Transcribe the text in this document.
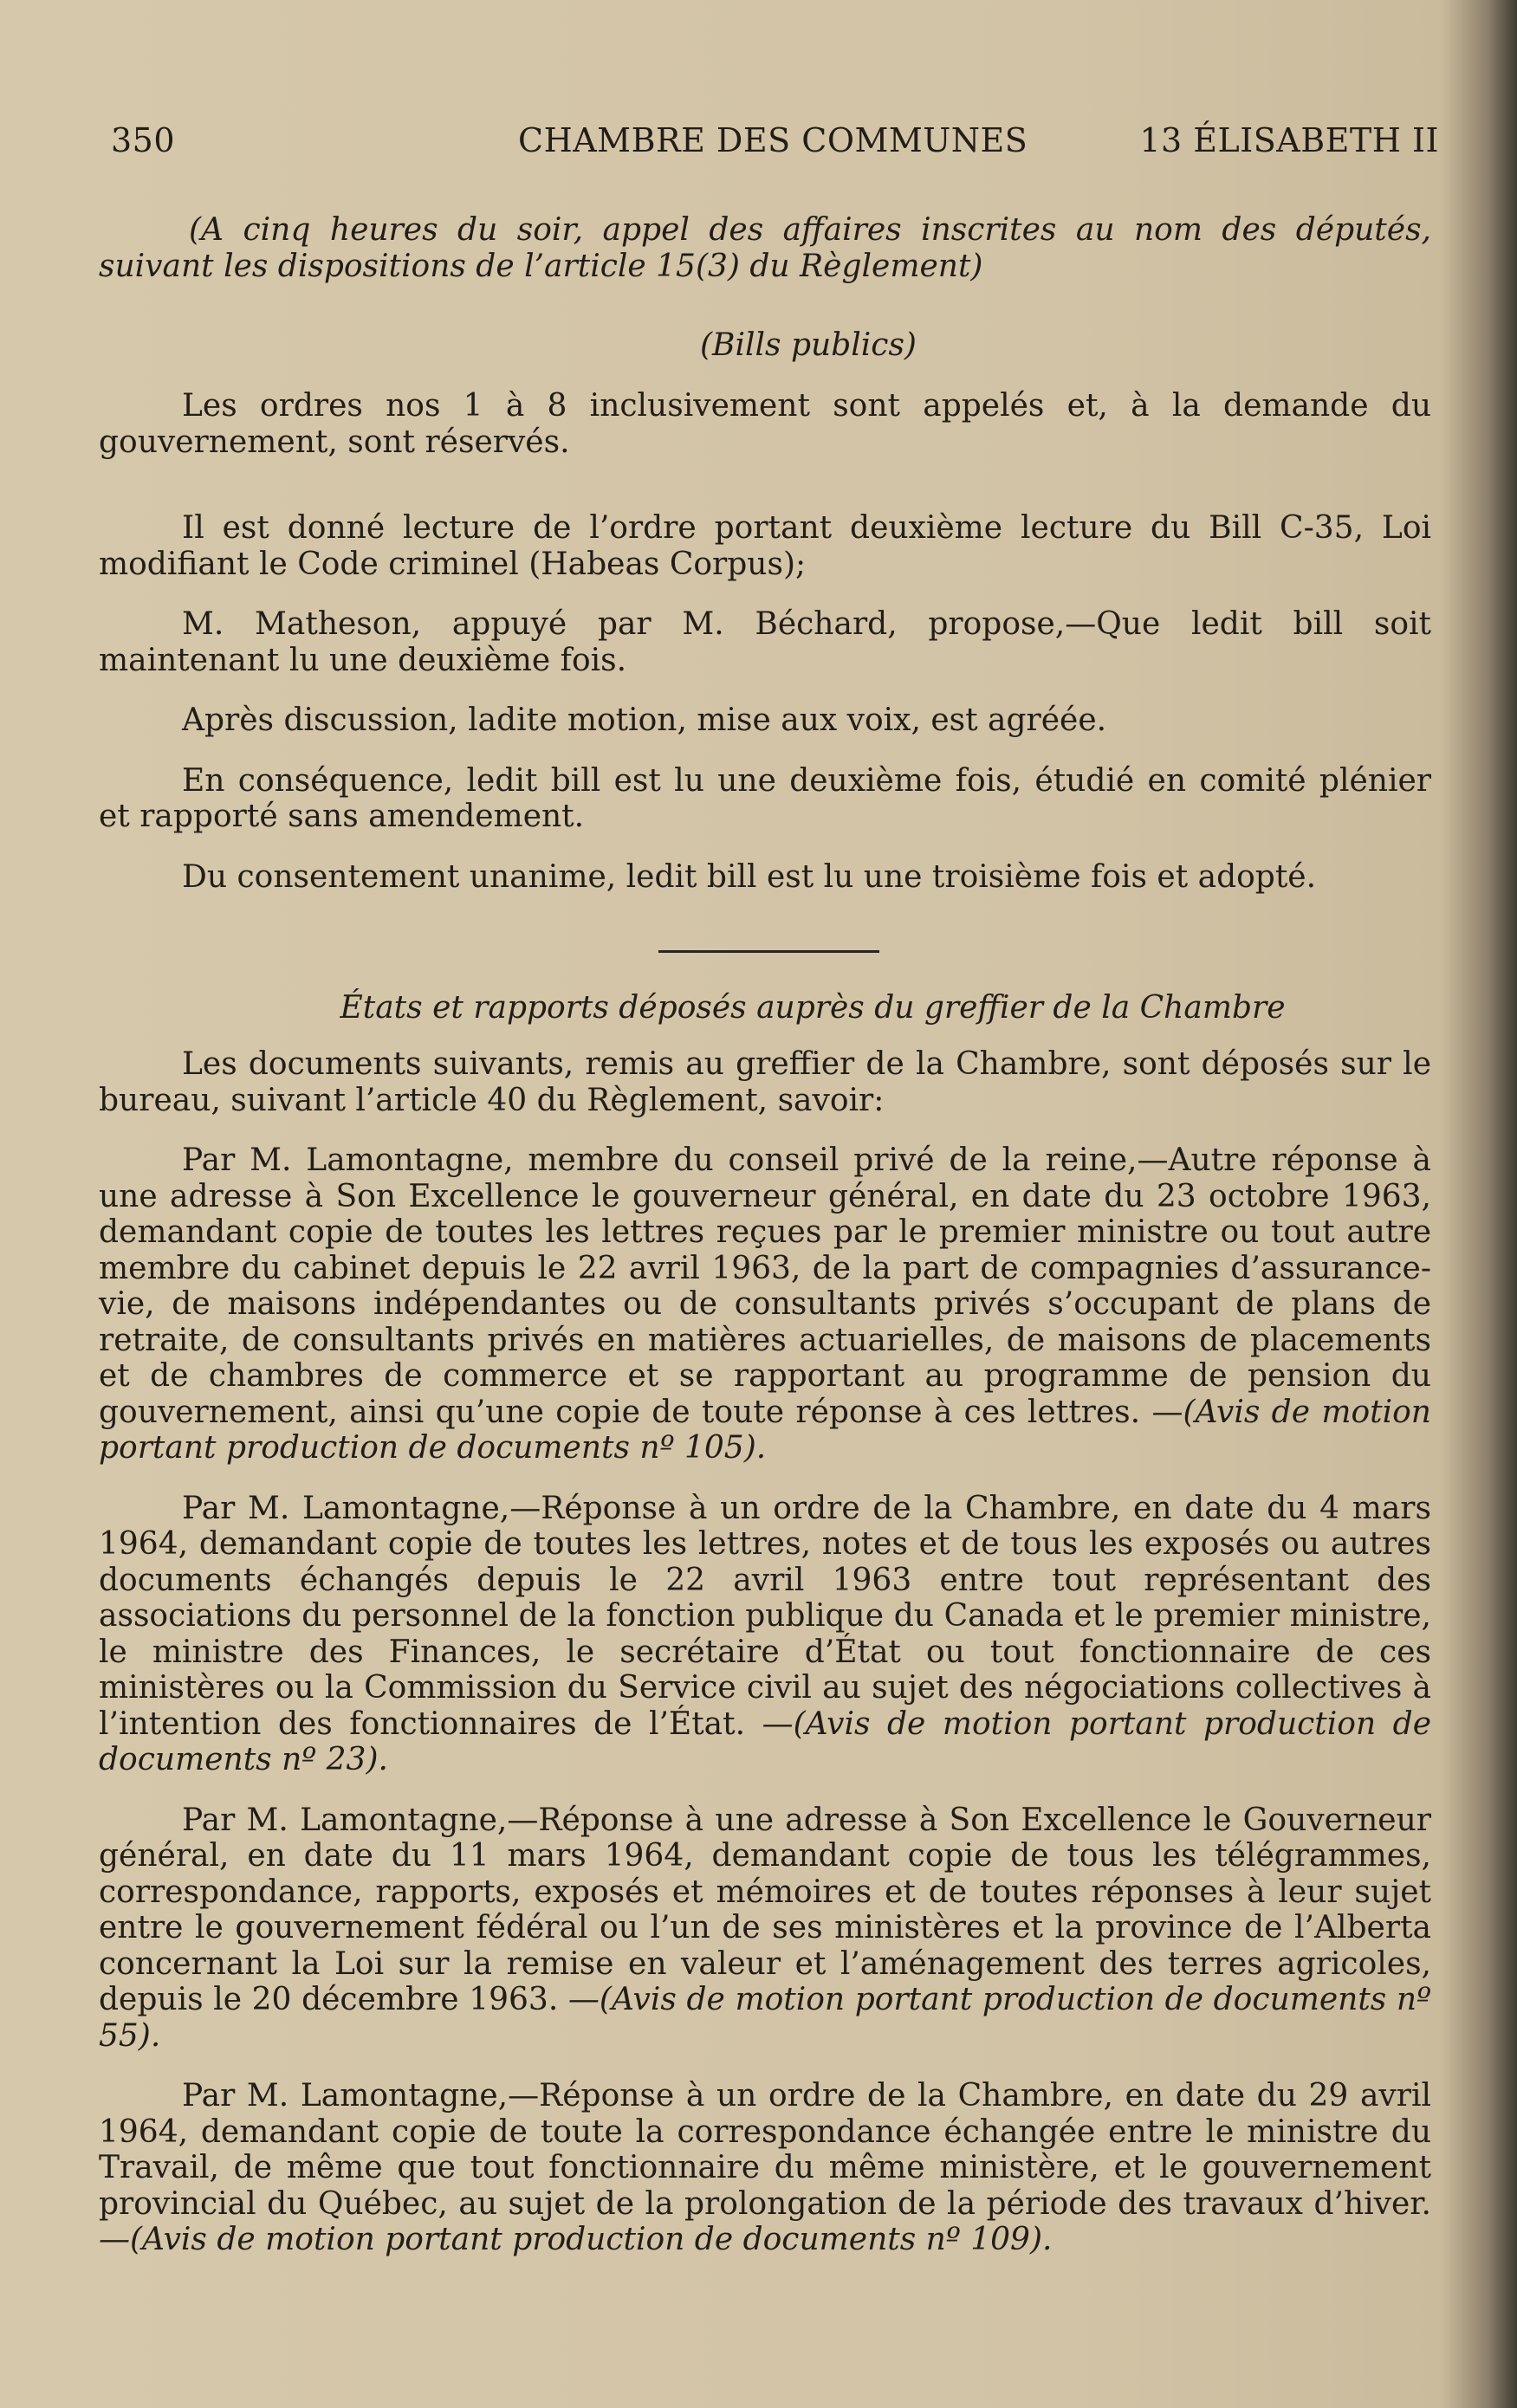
350	CHAMBRE DES COMMUNES	13 ÉLISABETH II

(A cinq heures du soir, appel des affaires inscrites au nom des députés, suivant les dispositions de l’article 15(3) du Règlement)

(Bills publics)

Les ordres nos 1 à 8 inclusivement sont appelés et, à la demande du gouvernement, sont réservés.

Il est donné lecture de l’ordre portant deuxième lecture du Bill C-35, Loi modifiant le Code criminel (Habeas Corpus);

M. Matheson, appuyé par M. Béchard, propose,—Que ledit bill soit maintenant lu une deuxième fois.

Après discussion, ladite motion, mise aux voix, est agréée.

En conséquence, ledit bill est lu une deuxième fois, étudié en comité plénier et rapporté sans amendement.

Du consentement unanime, ledit bill est lu une troisième fois et adopté.

États et rapports déposés auprès du greffier de la Chambre

Les documents suivants, remis au greffier de la Chambre, sont déposés sur le bureau, suivant l’article 40 du Règlement, savoir:

Par M. Lamontagne, membre du conseil privé de la reine,—Autre réponse à une adresse à Son Excellence le gouverneur général, en date du 23 octobre 1963, demandant copie de toutes les lettres reçues par le premier ministre ou tout autre membre du cabinet depuis le 22 avril 1963, de la part de compagnies d’assurance-vie, de maisons indépendantes ou de consultants privés s’occupant de plans de retraite, de consultants privés en matières actuarielles, de maisons de placements et de chambres de commerce et se rapportant au programme de pension du gouvernement, ainsi qu’une copie de toute réponse à ces lettres. —(Avis de motion portant production de documents nº 105).

Par M. Lamontagne,—Réponse à un ordre de la Chambre, en date du 4 mars 1964, demandant copie de toutes les lettres, notes et de tous les exposés ou autres documents échangés depuis le 22 avril 1963 entre tout représentant des associations du personnel de la fonction publique du Canada et le premier ministre, le ministre des Finances, le secrétaire d’État ou tout fonctionnaire de ces ministères ou la Commission du Service civil au sujet des négociations collectives à l’intention des fonctionnaires de l’État. —(Avis de motion portant production de documents nº 23).

Par M. Lamontagne,—Réponse à une adresse à Son Excellence le Gouverneur général, en date du 11 mars 1964, demandant copie de tous les télégrammes, correspondance, rapports, exposés et mémoires et de toutes réponses à leur sujet entre le gouvernement fédéral ou l’un de ses ministères et la province de l’Alberta concernant la Loi sur la remise en valeur et l’aménagement des terres agricoles, depuis le 20 décembre 1963. —(Avis de motion portant production de documents nº 55).

Par M. Lamontagne,—Réponse à un ordre de la Chambre, en date du 29 avril 1964, demandant copie de toute la correspondance échangée entre le ministre du Travail, de même que tout fonctionnaire du même ministère, et le gouvernement provincial du Québec, au sujet de la prolongation de la période des travaux d’hiver. —(Avis de motion portant production de documents nº 109).
